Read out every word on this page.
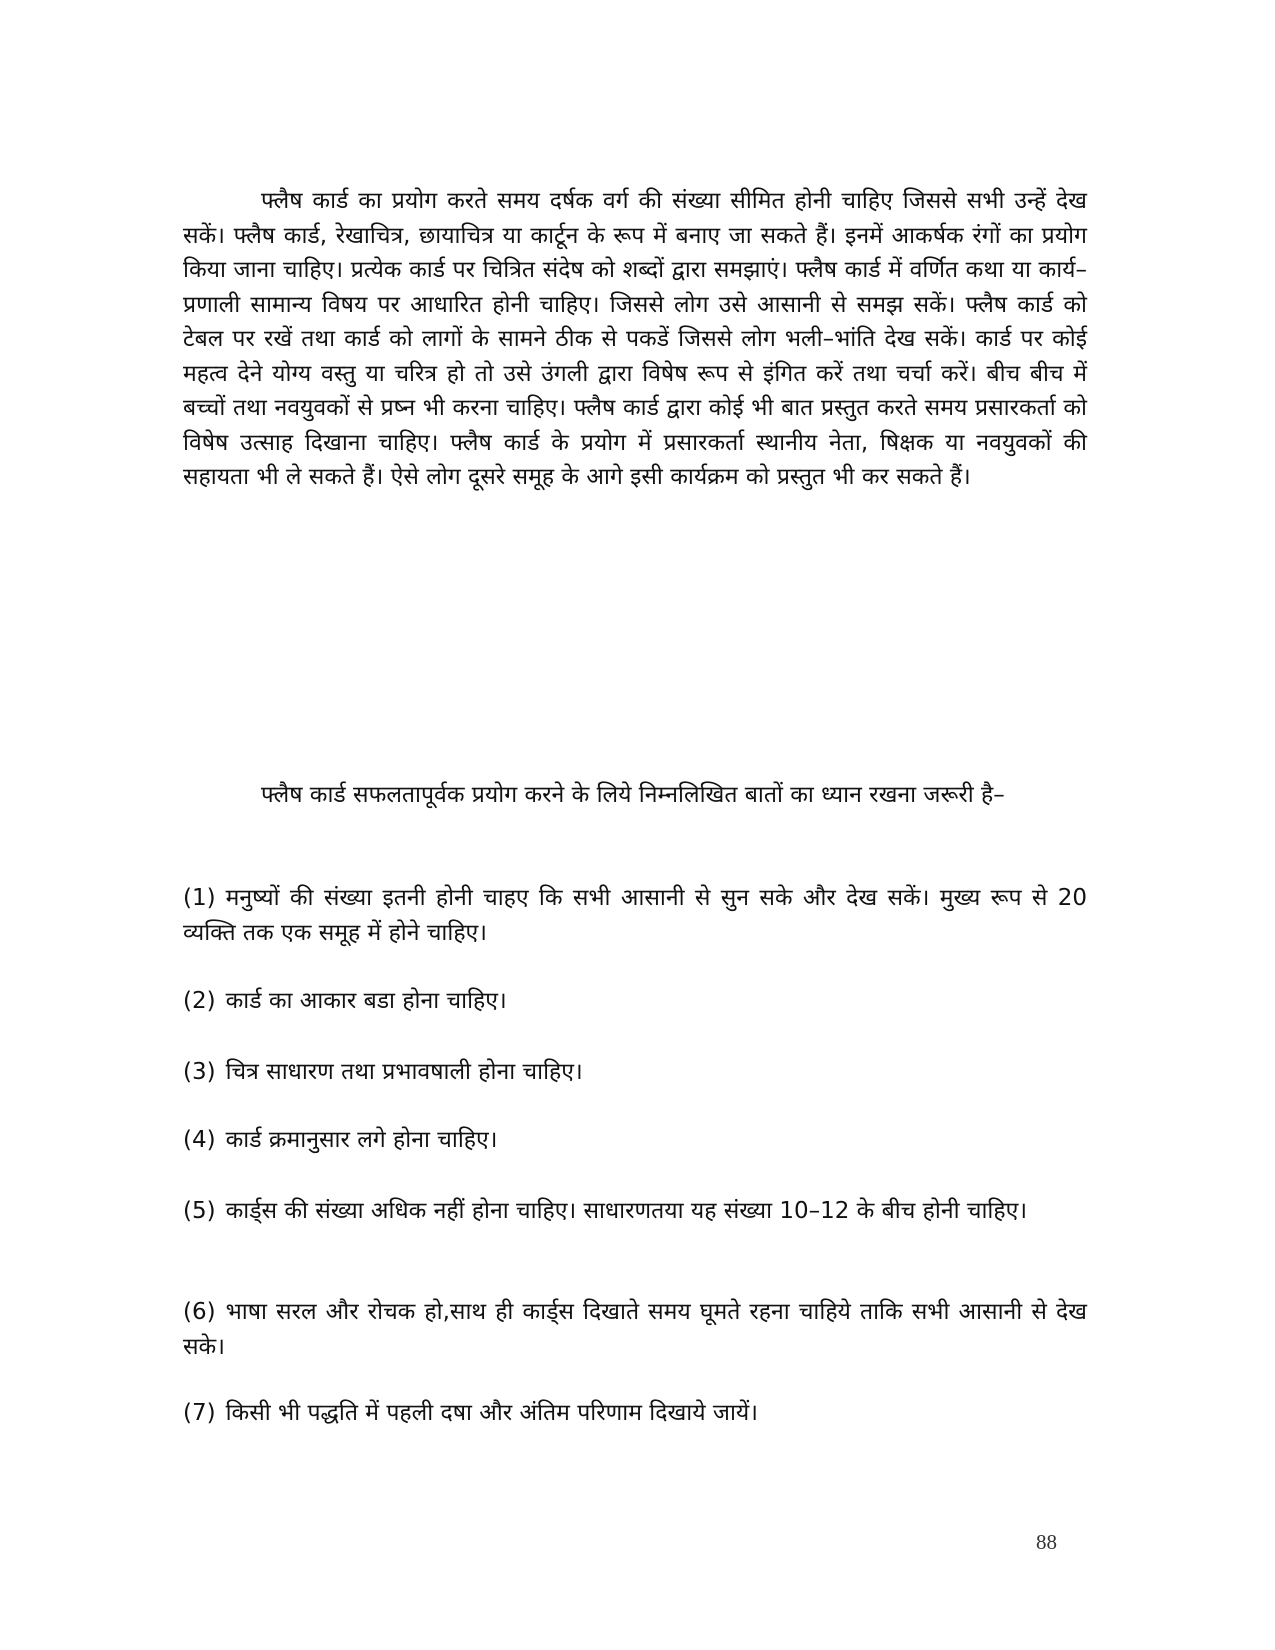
फ्लैष कार्ड का प्रयोग करते समय दर्षक वर्ग की संख्या सीमित होनी चाहिए जिससे सभी उन्हें देख सकें। फ्लैष कार्ड, रेखाचित्र, छायाचित्र या कार्टून के रूप में बनाए जा सकते हैं। इनमें आकर्षक रंगों का प्रयोग किया जाना चाहिए। प्रत्येक कार्ड पर चित्रित संदेष को शब्दों द्वारा समझाएं। फ्लैष कार्ड में वर्णित कथा या कार्य–प्रणाली सामान्य विषय पर आधारित होनी चाहिए। जिससे लोग उसे आसानी से समझ सकें। फ्लैष कार्ड को टेबल पर रखें तथा कार्ड को लागों के सामने ठीक से पकडें जिससे लोग भली–भांति देख सकें। कार्ड पर कोई महत्व देने योग्य वस्तु या चरित्र हो तो उसे उंगली द्वारा विषेष रूप से इंगित करें तथा चर्चा करें। बीच बीच में बच्चों तथा नवयुवकों से प्रष्न भी करना चाहिए। फ्लैष कार्ड द्वारा कोई भी बात प्रस्तुत करते समय प्रसारकर्ता को विषेष उत्साह दिखाना चाहिए। फ्लैष कार्ड के प्रयोग में प्रसारकर्ता स्थानीय नेता, षिक्षक या नवयुवकों की सहायता भी ले सकते हैं। ऐसे लोग दूसरे समूह के आगे इसी कार्यक्रम को प्रस्तुत भी कर सकते हैं।

फ्लैष कार्ड सफलतापूर्वक प्रयोग करने के लिये निम्नलिखित बातों का ध्यान रखना जरूरी है–

(1) मनुष्यों की संख्या इतनी होनी चाहए कि सभी आसानी से सुन सके और देख सकें। मुख्य रूप से 20 व्यक्ति तक एक समूह में होने चाहिए।

(2) कार्ड का आकार बडा होना चाहिए।

(3) चित्र साधारण तथा प्रभावषाली होना चाहिए।

(4) कार्ड क्रमानुसार लगे होना चाहिए।

(5) कार्ड्स की संख्या अधिक नहीं होना चाहिए। साधारणतया यह संख्या 10–12 के बीच होनी चाहिए।

(6) भाषा सरल और रोचक हो,साथ ही कार्ड्स दिखाते समय घूमते रहना चाहिये ताकि सभी आसानी से देख सके।

(7) किसी भी पद्धति में पहली दषा और अंतिम परिणाम दिखाये जायें।

88
